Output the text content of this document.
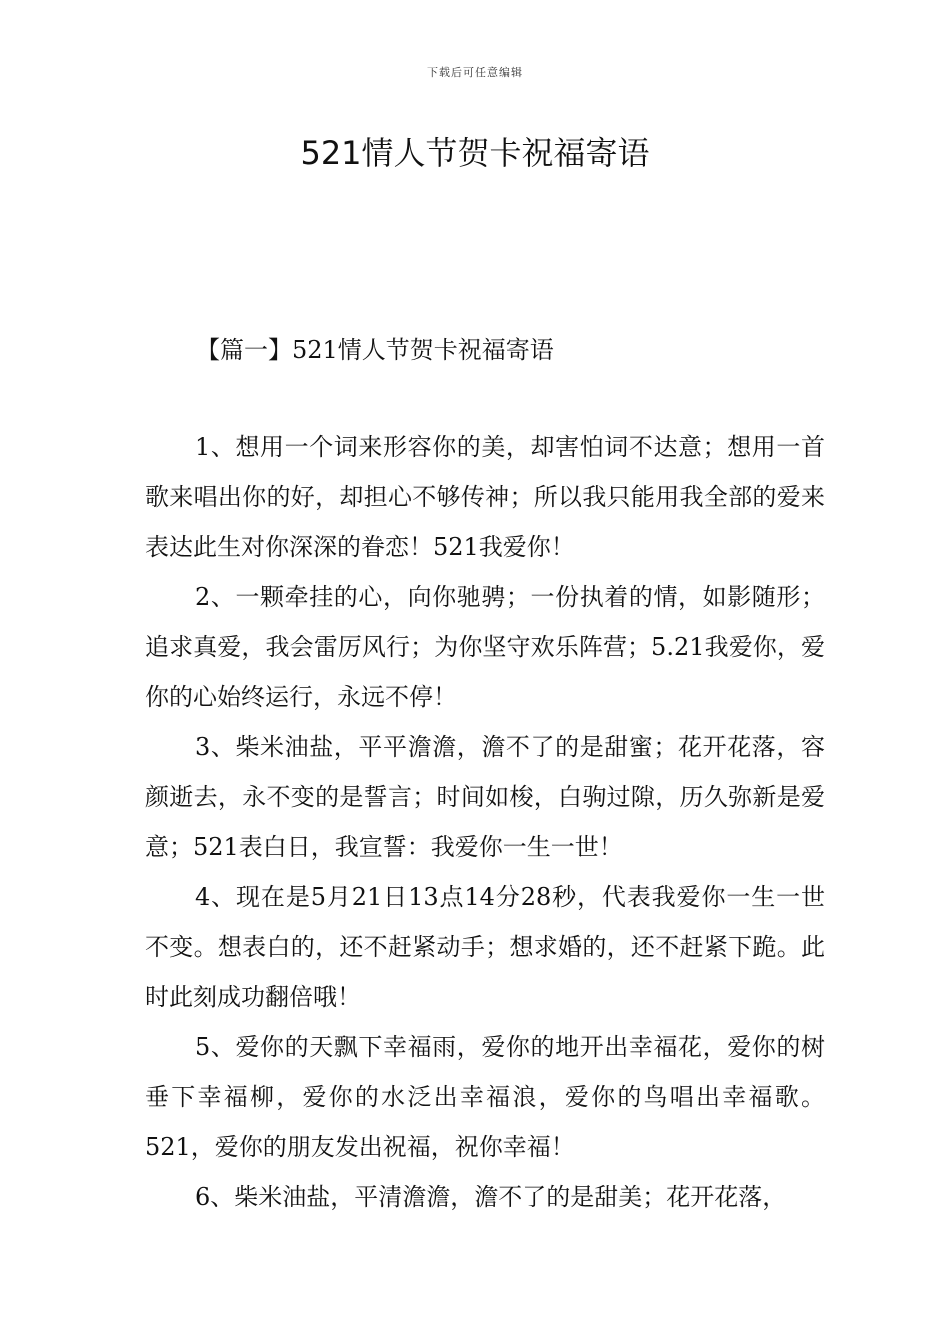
下载后可任意编辑
521情人节贺卡祝福寄语
【篇一】521情人节贺卡祝福寄语

1、想用一个词来形容你的美，却害怕词不达意；想用一首歌来唱出你的好，却担心不够传神；所以我只能用我全部的爱来表达此生对你深深的眷恋！521我爱你！

2、一颗牵挂的心，向你驰骋；一份执着的情，如影随形；追求真爱，我会雷厉风行；为你坚守欢乐阵营；5.21我爱你，爱你的心始终运行，永远不停！

3、柴米油盐，平平澹澹，澹不了的是甜蜜；花开花落，容颜逝去，永不变的是誓言；时间如梭，白驹过隙，历久弥新是爱意；521表白日，我宣誓：我爱你一生一世！

4、现在是5月21日13点14分28秒，代表我爱你一生一世不变。想表白的，还不赶紧动手；想求婚的，还不赶紧下跪。此时此刻成功翻倍哦！

5、爱你的天飘下幸福雨，爱你的地开出幸福花，爱你的树垂下幸福柳，爱你的水泛出幸福浪，爱你的鸟唱出幸福歌。521，爱你的朋友发出祝福，祝你幸福！

6、柴米油盐，平清澹澹，澹不了的是甜美；花开花落，
